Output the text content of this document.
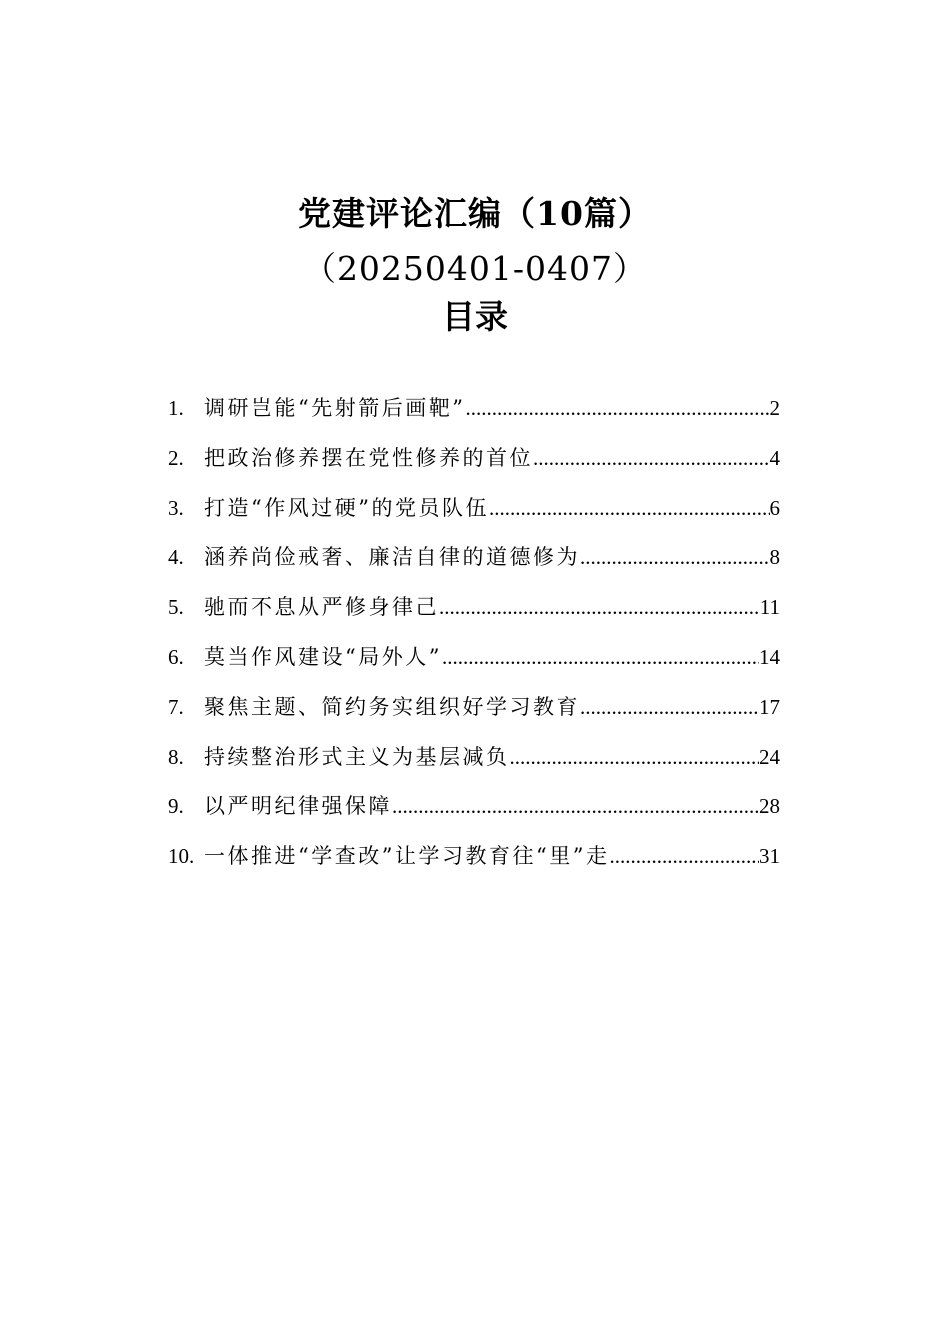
党建评论汇编（10篇）
（20250401-0407）
目录
1. 调研岂能“先射箭后画靶” .....	2
2. 把政治修养摆在党性修养的首位 .....	4
3. 打造“作风过硬”的党员队伍 .....	6
4. 涵养尚俭戒奢、廉洁自律的道德修为 .....	8
5. 驰而不息从严修身律己 .....	11
6. 莫当作风建设“局外人” .....	14
7. 聚焦主题、简约务实组织好学习教育 .....	17
8. 持续整治形式主义为基层减负 .....	24
9. 以严明纪律强保障 .....	28
10. 一体推进“学查改”让学习教育往“里”走 .....	31
